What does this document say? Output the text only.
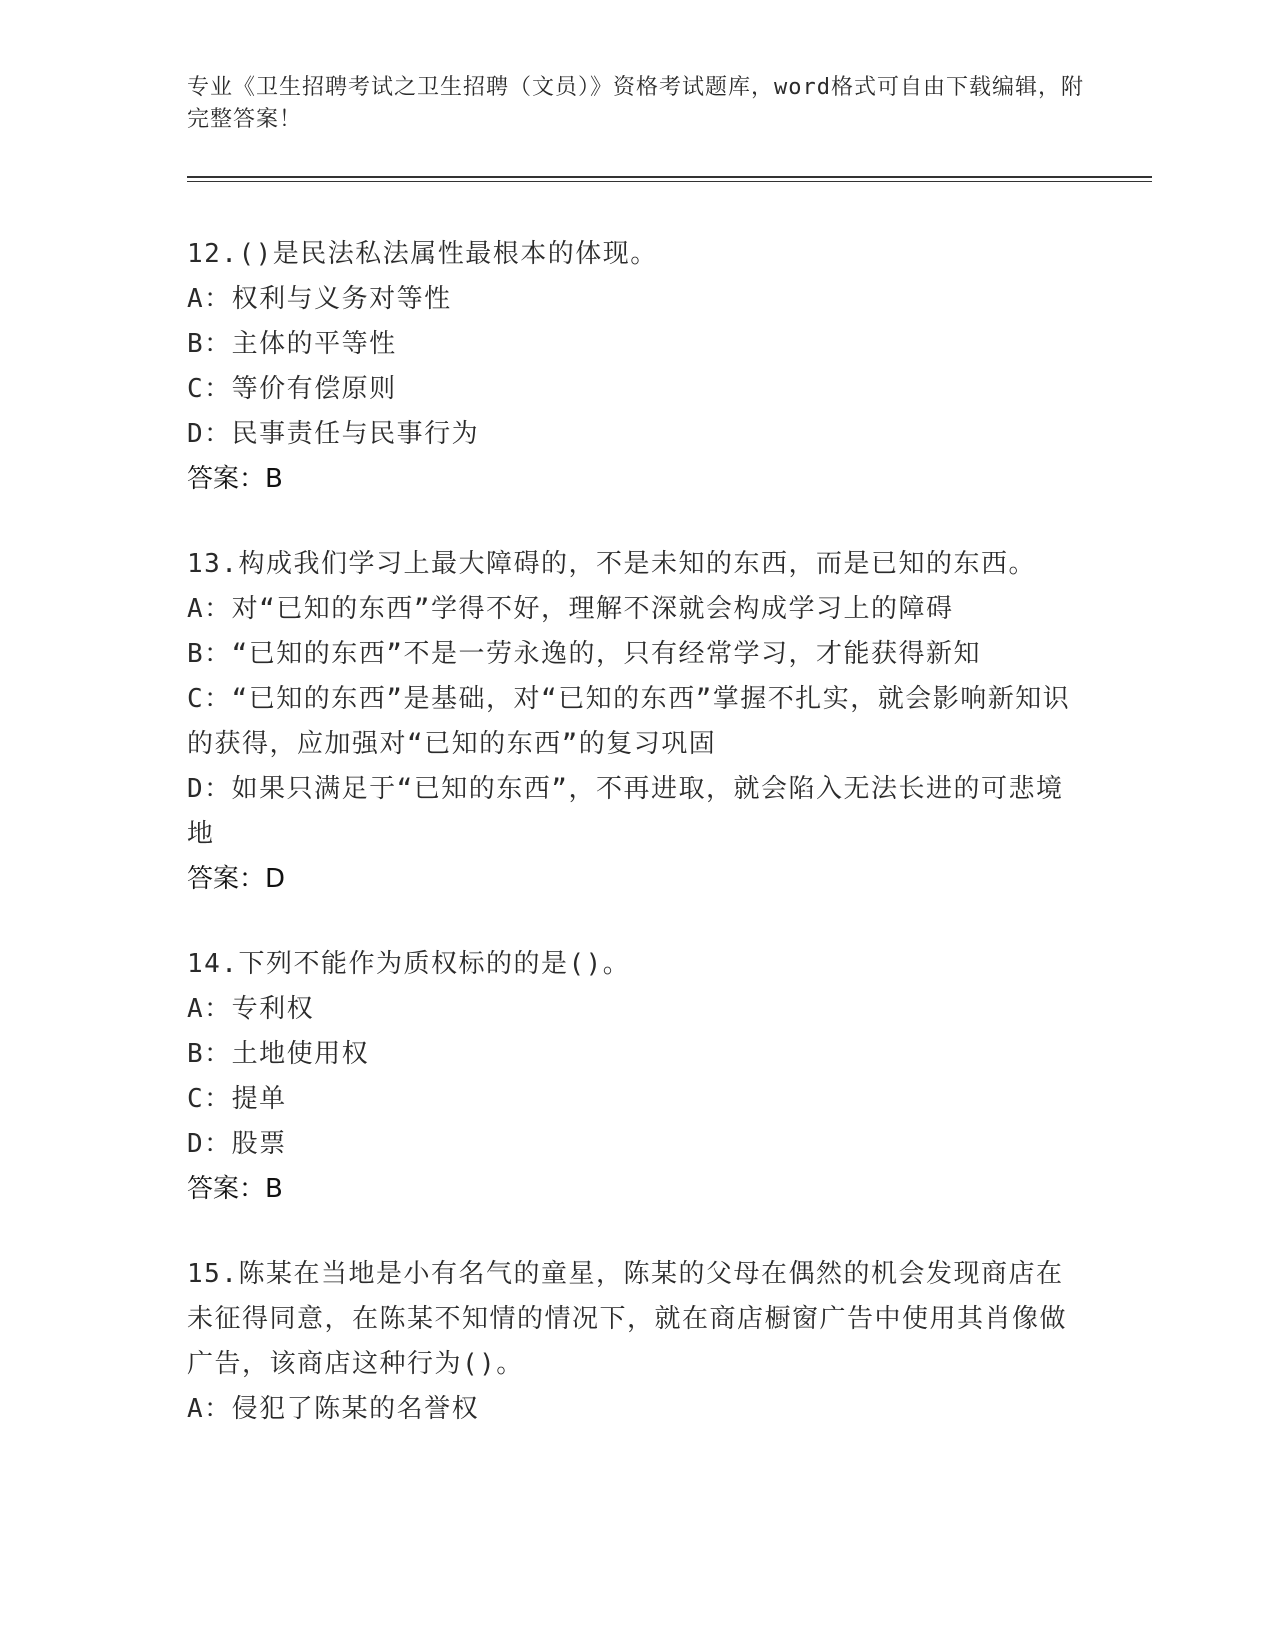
专业《卫生招聘考试之卫生招聘（文员）》资格考试题库，word格式可自由下载编辑，附完整答案！
12.()是民法私法属性最根本的体现。
A：权利与义务对等性
B：主体的平等性
C：等价有偿原则
D：民事责任与民事行为
答案：B
13.构成我们学习上最大障碍的，不是未知的东西，而是已知的东西。
A：对“已知的东西”学得不好，理解不深就会构成学习上的障碍
B：“已知的东西”不是一劳永逸的，只有经常学习，才能获得新知
C：“已知的东西”是基础，对“已知的东西”掌握不扎实，就会影响新知识的获得，应加强对“已知的东西”的复习巩固
D：如果只满足于“已知的东西”，不再进取，就会陷入无法长进的可悲境地
答案：D
14.下列不能作为质权标的的是()。
A：专利权
B：土地使用权
C：提单
D：股票
答案：B
15.陈某在当地是小有名气的童星，陈某的父母在偶然的机会发现商店在未征得同意，在陈某不知情的情况下，就在商店橱窗广告中使用其肖像做广告，该商店这种行为()。
A：侵犯了陈某的名誉权
